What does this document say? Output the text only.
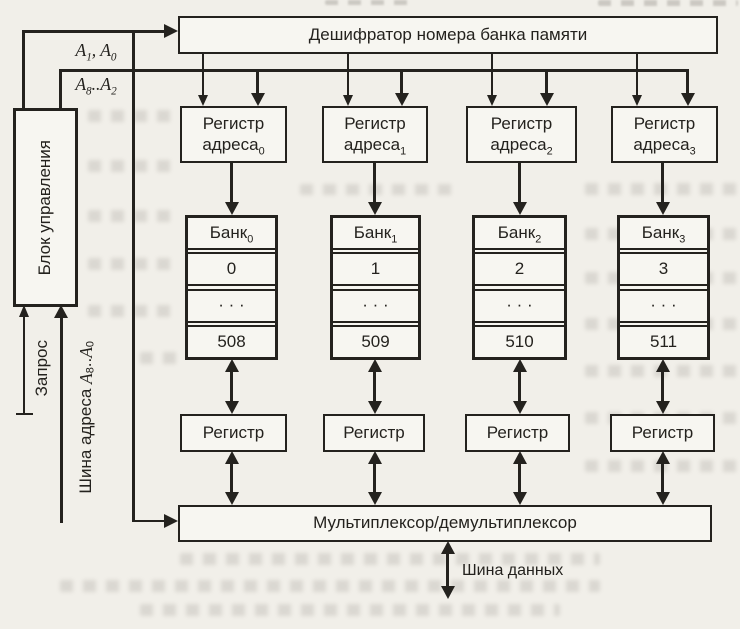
$A_1$, $A_0$
$A_8..A_2$
Дешифратор номера банка памяти
Блок управления
Запрос
Шина адреса $A_8..A_0$
Регистр
адреса$_0$
Регистр
адреса$_1$
Регистр
адреса$_2$
Регистр
адреса$_3$
Банк$_0$
0
· · ·
508
Банк$_1$
1
· · ·
509
Банк$_2$
2
· · ·
510
Банк$_3$
3
· · ·
511
Регистр	Регистр	Регистр	Регистр
Мультиплексор/демультиплексор
Шина данных
